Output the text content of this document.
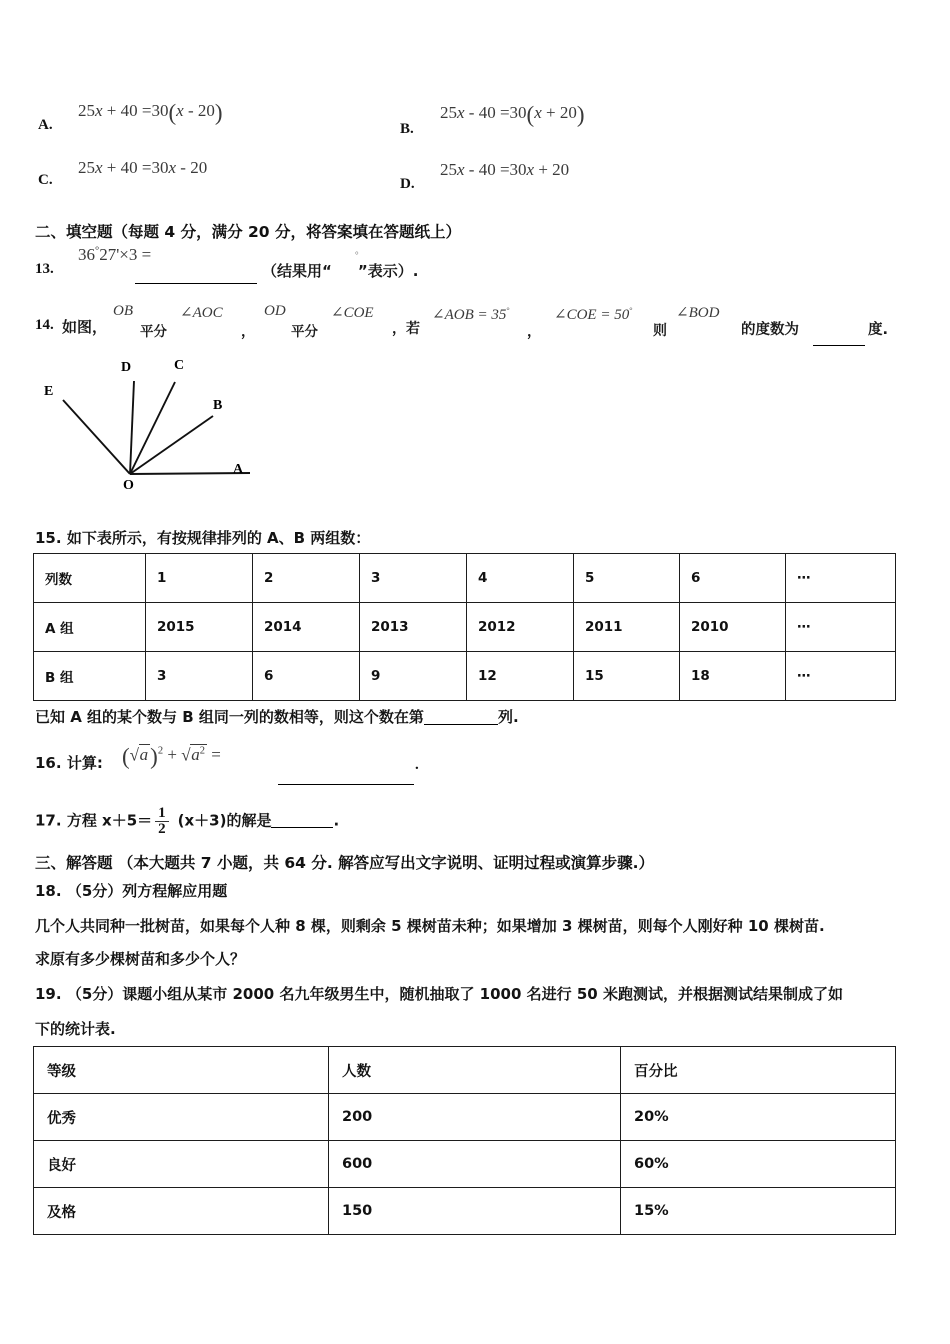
A.
25x + 40 =30(x - 20)
B.
25x - 40 =30(x + 20)
C.
25x + 40 =30x - 20
D.
25x - 40 =30x + 20
二、填空题（每题 4 分，满分 20 分，将答案填在答题纸上）
13.
36°27'×3 =
（结果用“ ”表示）.
°
14. 如图，
OB
平分
∠AOC
，
OD
平分
∠COE
，若
∠AOB = 35°
，
∠COE = 50°
则
∠BOD
的度数为	度.
D	C
E
B
A
O
15. 如下表所示，有按规律排列的 A、B 两组数：
列数	1	2	3	4	5	6	⋯
A 组	2015	2014	2013	2012	2011	2010	⋯
B 组	3	6	9	12	15	18	⋯
已知 A 组的某个数与 B 组同一列的数相等，则这个数在第	列.
16. 计算: ( √ a)$^2$ + √ $a^2$ =
.
17. 方程 $x+5= \frac{1}{2} (x+3)$的解是	.
三、解答题 （本大题共 7 小题，共 64 分. 解答应写出文字说明、证明过程或演算步骤.）
18. （5分）列方程解应用题
几个人共同种一批树苗，如果每个人种 8 棵，则剩余 5 棵树苗未种；如果增加 3 棵树苗，则每个人刚好种 10 棵树苗.
求原有多少棵树苗和多少个人？
19. （5分）课题小组从某市 2000 名九年级男生中，随机抽取了 1000 名进行 50 米跑测试，并根据测试结果制成了如
下的统计表.
等级	人数	百分比
优秀	200	20%
良好	600	60%
及格	150	15%
